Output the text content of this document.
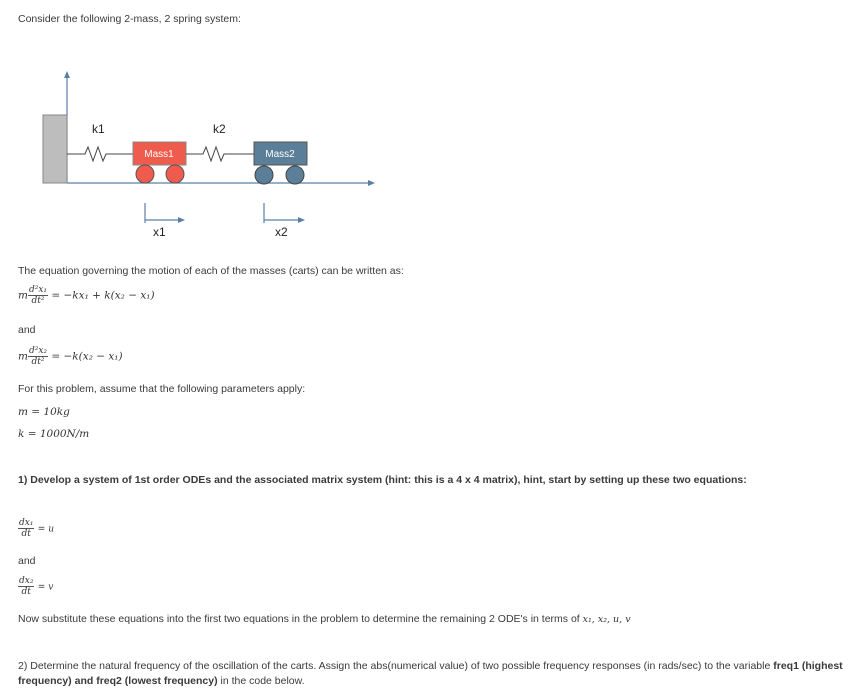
Consider the following 2-mass, 2 spring system:
k1
Mass1
k2
Mass2
x1	x2
The equation governing the motion of each of the masses (carts) can be written as:
m $\frac{\text{d²x₁}}{\text{dt²}} = -kx_1 + k(x_2 - x_1)$
and
m $\frac{\text{d²x₂}}{\text{dt²}} = -k(x_2 - x_1)$
For this problem, assume that the following parameters apply:
m = 10kg
k = 1000N/m
1) Develop a system of 1st order ODEs and the associated matrix system (hint: this is a 4 x 4 matrix), hint, start by setting up these two equations:
$\frac{\text{dx₁}}{dt} = u$
and
$\frac{\text{dx₂}}{dt} = v$
Now substitute these equations into the first two equations in the problem to determine the remaining 2 ODE's in terms of x₁, x₂, u, v
2) Determine the natural frequency of the oscillation of the carts. Assign the abs(numerical value) of two possible frequency responses (in rads/sec) to the variable freq1 (highest frequency) and freq2 (lowest frequency) in the code below.
